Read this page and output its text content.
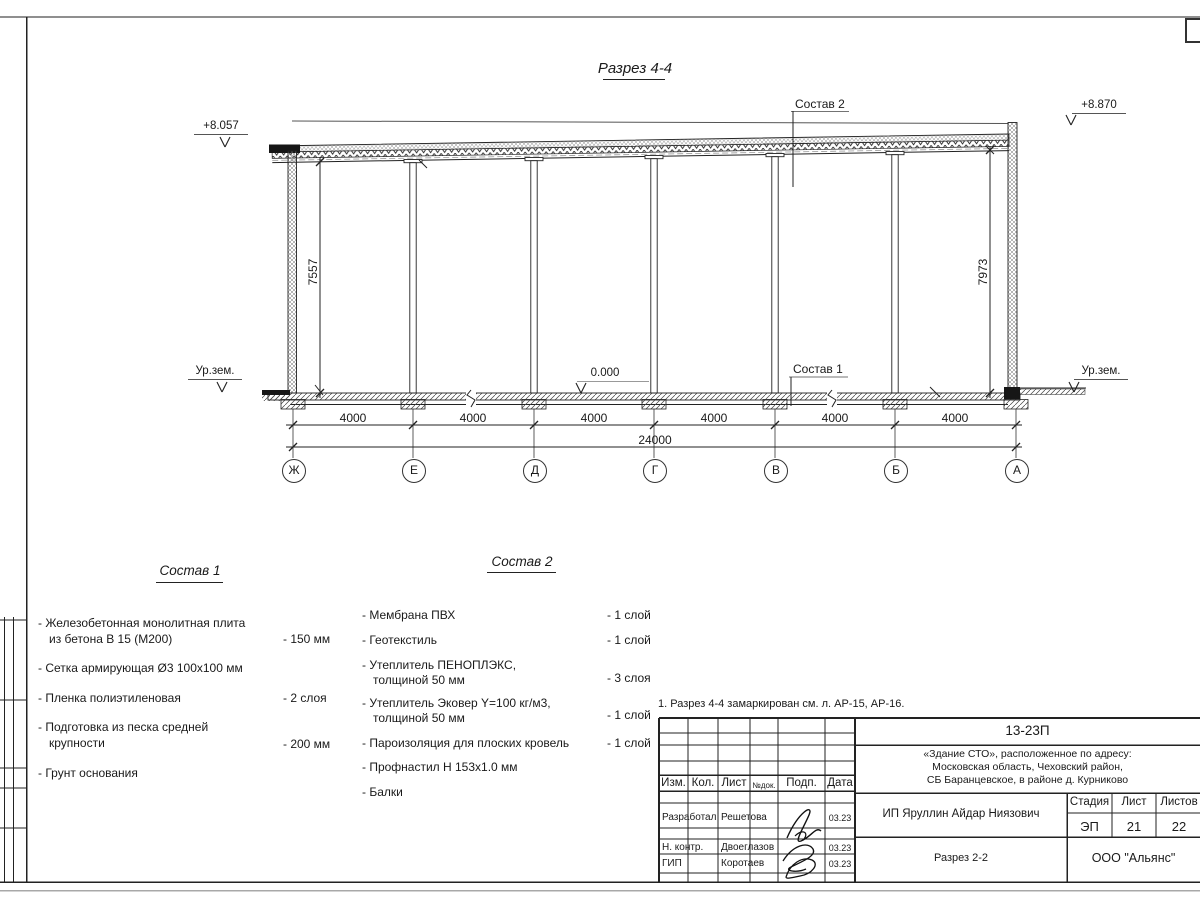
Разрез 4-4
+8.057
+8.870
Ур.зем.	Ур.зем.
0.000
Состав 2
Состав 1
7557	7973
4000	4000	4000	4000	4000	4000
24000
Ж	Е	Д	Г	В	Б	А
Состав 1
Состав 2
- Железобетонная монолитная плита
из бетона В 15 (М200)	- 150 мм
- Сетка армирующая Ø3 100х100 мм
- Пленка полиэтиленовая	- 2 слоя
- Подготовка из песка средней
крупности	- 200 мм
- Грунт основания
- Мембрана ПВХ	- 1 слой
- Геотекстиль	- 1 слой
- Утеплитель ПЕНОПЛЭКС,
толщиной 50 мм	- 3 слоя
- Утеплитель Эковер Y=100 кг/м3,
толщиной 50 мм	- 1 слой
- Пароизоляция для плоских кровель	- 1 слой
- Профнастил Н 153х1.0 мм
- Балки
1. Разрез 4-4 замаркирован см. л. АР-15, АР-16.
Изм. Кол. Лист №док. Подп. Дата
Разработал Решетова	03.23
Н. контр. Двоеглазов	03.23
ГИП	Коротаев	03.23
13-23П
«Здание СТО», расположенное по адресу:
Московская область, Чеховский район,
СБ Баранцевское, в районе д. Курниково
ИП Яруллин Айдар Ниязович
Стадия	Лист	Листов
ЭП	21	22
Разрез 2-2	ООО "Альянс"
